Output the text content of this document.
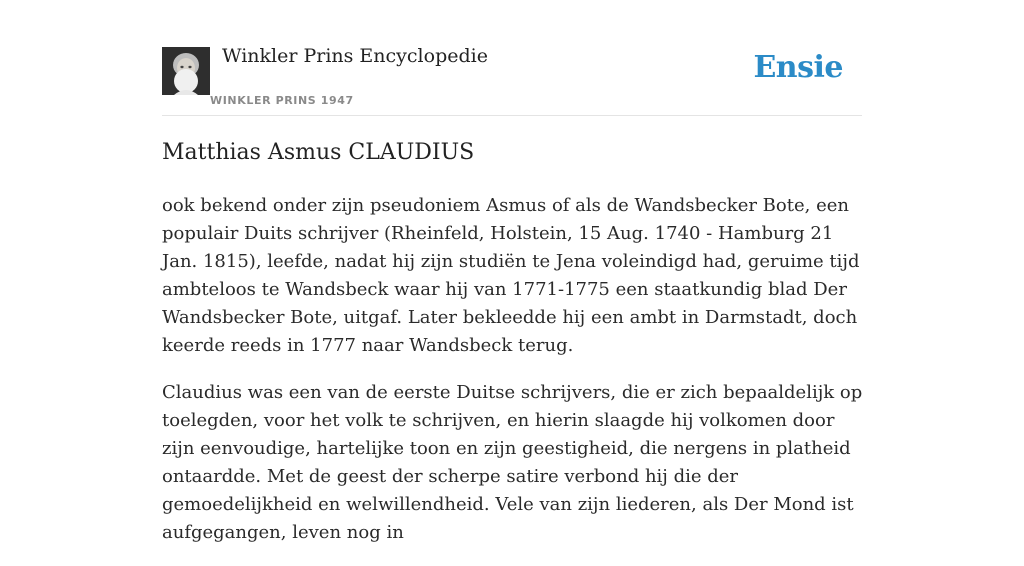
Winkler Prins Encyclopedie
WINKLER PRINS 1947
Ensie
Matthias Asmus CLAUDIUS

ook bekend onder zijn pseudoniem Asmus of als de Wandsbecker Bote, een populair Duits schrijver (Rheinfeld, Holstein, 15 Aug. 1740 - Hamburg 21 Jan. 1815), leefde, nadat hij zijn studiën te Jena voleindigd had, geruime tijd ambteloos te Wandsbeck waar hij van 1771-1775 een staatkundig blad Der Wandsbecker Bote, uitgaf. Later bekleedde hij een ambt in Darmstadt, doch keerde reeds in 1777 naar Wandsbeck terug.

Claudius was een van de eerste Duitse schrijvers, die er zich bepaaldelijk op toelegden, voor het volk te schrijven, en hierin slaagde hij volkomen door zijn eenvoudige, hartelijke toon en zijn geestigheid, die nergens in platheid ontaardde. Met de geest der scherpe satire verbond hij die der gemoedelijkheid en welwillendheid. Vele van zijn liederen, als Der Mond ist aufgegangen, leven nog in
